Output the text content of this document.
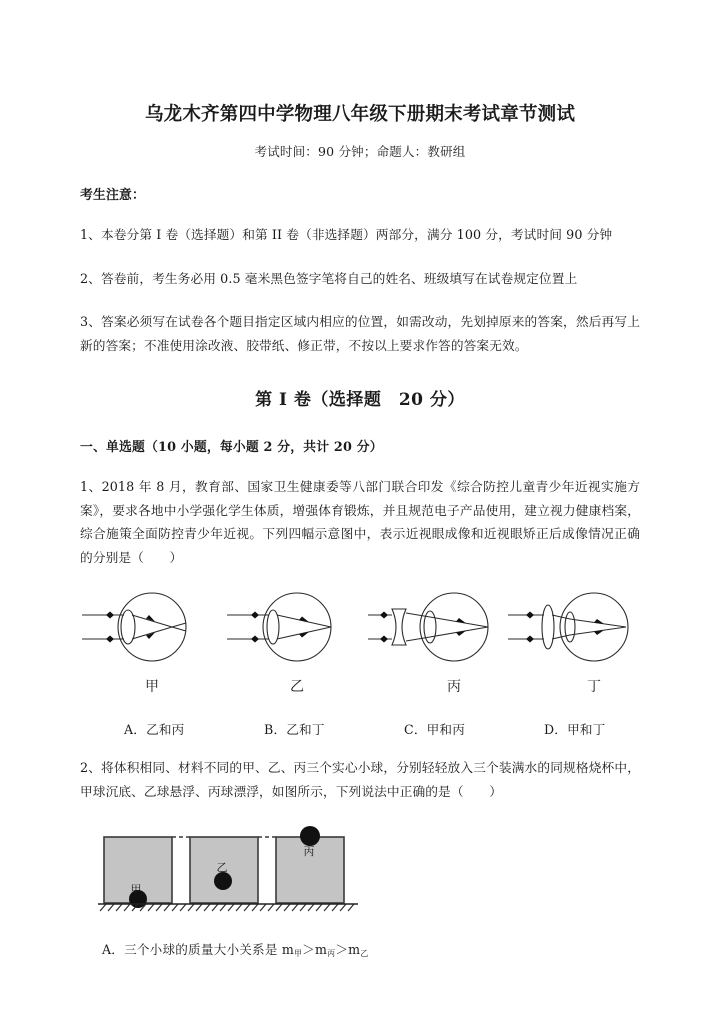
乌龙木齐第四中学物理八年级下册期末考试章节测试
考试时间：90 分钟；命题人：教研组
考生注意：

1、本卷分第 I 卷（选择题）和第 II 卷（非选择题）两部分，满分 100 分，考试时间 90 分钟

2、答卷前，考生务必用 0.5 毫米黑色签字笔将自己的姓名、班级填写在试卷规定位置上

3、答案必须写在试卷各个题目指定区域内相应的位置，如需改动，先划掉原来的答案，然后再写上新的答案；不准使用涂改液、胶带纸、修正带，不按以上要求作答的答案无效。

第 I 卷（选择题　20 分）
一、单选题（10 小题，每小题 2 分，共计 20 分）

1、2018 年 8 月，教育部、国家卫生健康委等八部门联合印发《综合防控儿童青少年近视实施方案》，要求各地中小学强化学生体质，增强体育锻炼，并且规范电子产品使用，建立视力健康档案，综合施策全面防控青少年近视。下列四幅示意图中，表示近视眼成像和近视眼矫正后成像情况正确的分别是（　　）

甲	乙	丙	丁
A．乙和丙	B．乙和丁	C．甲和丙	D．甲和丁

2、将体积相同、材料不同的甲、乙、丙三个实心小球，分别轻轻放入三个装满水的同规格烧杯中，甲球沉底、乙球悬浮、丙球漂浮，如图所示，下列说法中正确的是（　　）

甲
乙
丙
A．三个小球的质量大小关系是 $m_甲>m_丙>m_乙$
